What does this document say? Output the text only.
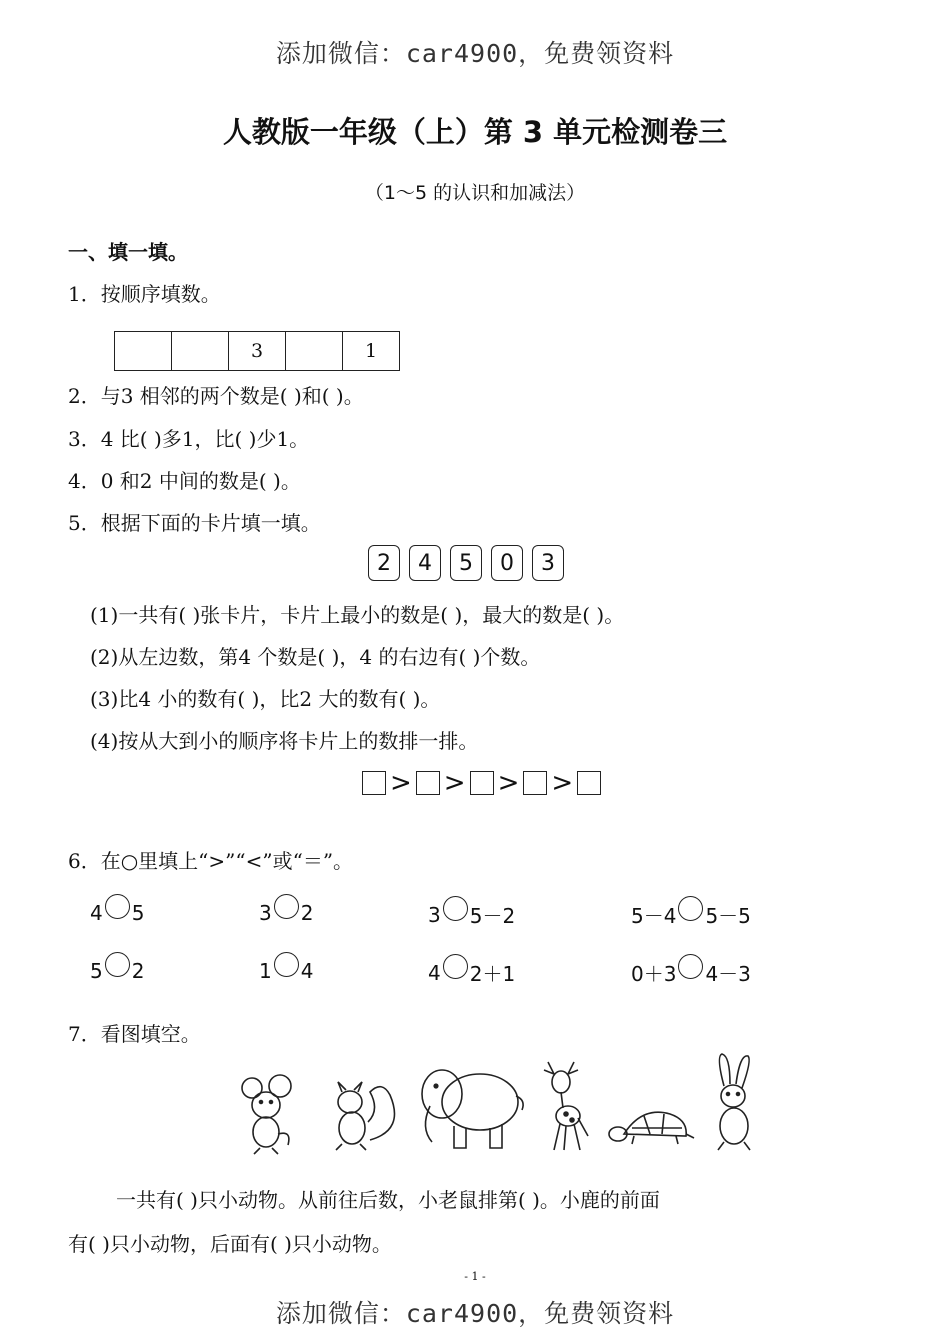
添加微信：car4900，免费领资料
人教版一年级（上）第 3 单元检测卷三
（1～5 的认识和加减法）
一、填一填。
1．按顺序填数。
		3		1
2．与3 相邻的两个数是( )和( )。
3．4 比( )多1，比( )少1。
4．0 和2 中间的数是( )。
5．根据下面的卡片填一填。
2	4	5	0	3
(1)一共有( )张卡片，卡片上最小的数是( )，最大的数是( )。
(2)从左边数，第4 个数是( )，4 的右边有( )个数。
(3)比4 小的数有( )，比2 大的数有( )。
(4)按从大到小的顺序将卡片上的数排一排。
> > > >
6．在○里填上“>”“<”或“＝”。
4 5	3 2	3 5－2	5－4 5－5
5 2	1 4	4 2＋1	0＋3 4－3
7．看图填空。
一共有( )只小动物。从前往后数，小老鼠排第( )。小鹿的前面
有( )只小动物，后面有( )只小动物。
- 1 -
添加微信：car4900，免费领资料
